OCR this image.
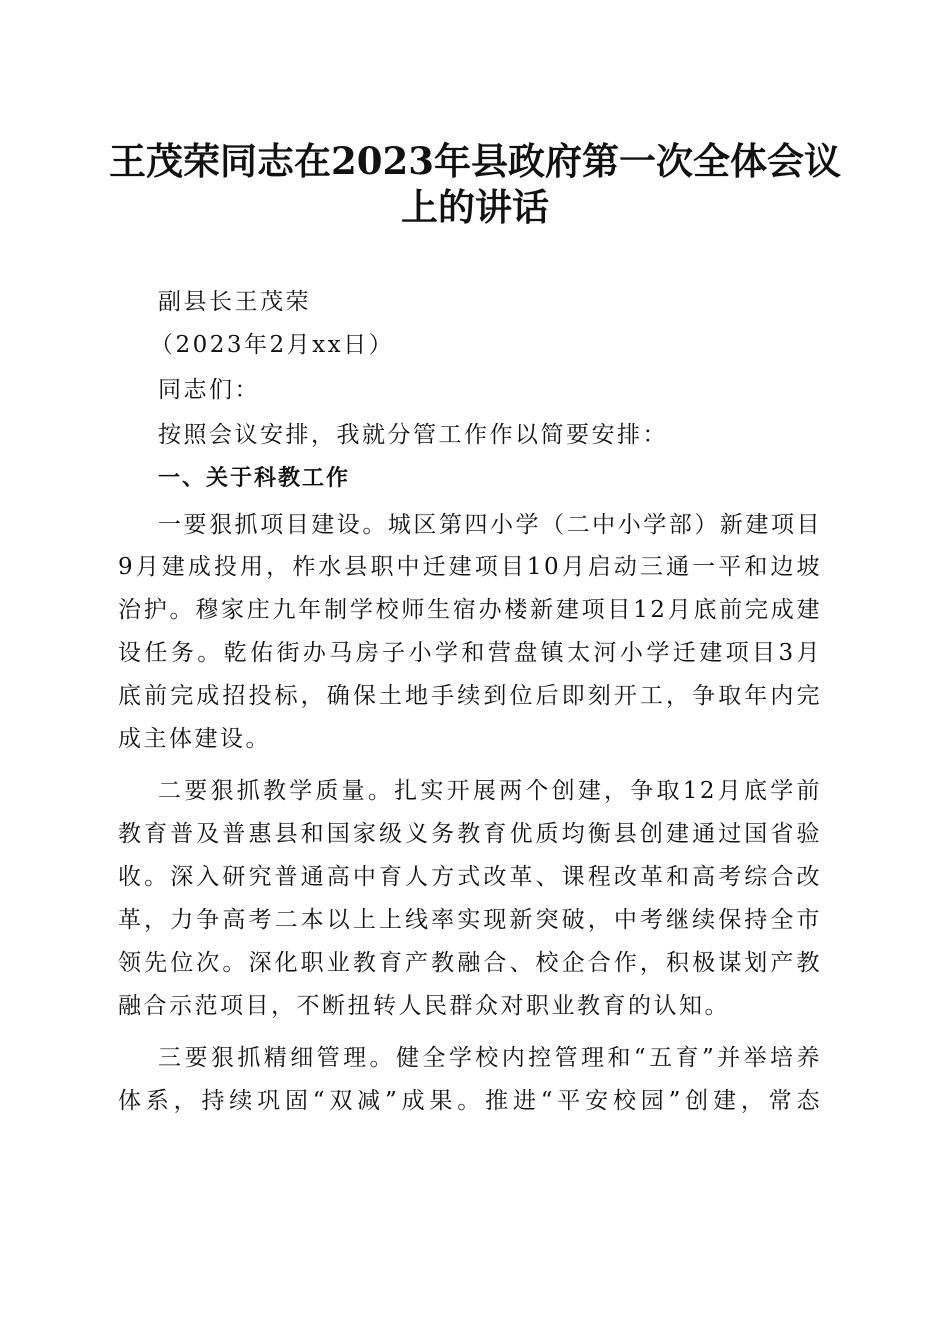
王茂荣同志在2023年县政府第一次全体会议
上的讲话

副县长王茂荣

（2023年2月xx日）

同志们：

按照会议安排，我就分管工作作以简要安排：

一、关于科教工作

一要狠抓项目建设。城区第四小学（二中小学部）新建项目

9月建成投用，柞水县职中迁建项目10月启动三通一平和边坡

治护。穆家庄九年制学校师生宿办楼新建项目12月底前完成建

设任务。乾佑街办马房子小学和营盘镇太河小学迁建项目3月

底前完成招投标，确保土地手续到位后即刻开工，争取年内完

成主体建设。

二要狠抓教学质量。扎实开展两个创建，争取12月底学前

教育普及普惠县和国家级义务教育优质均衡县创建通过国省验

收。深入研究普通高中育人方式改革、课程改革和高考综合改

革，力争高考二本以上上线率实现新突破，中考继续保持全市

领先位次。深化职业教育产教融合、校企合作，积极谋划产教

融合示范项目，不断扭转人民群众对职业教育的认知。

三要狠抓精细管理。健全学校内控管理和“五育”并举培养

体系，持续巩固“双减”成果。推进“平安校园”创建，常态
